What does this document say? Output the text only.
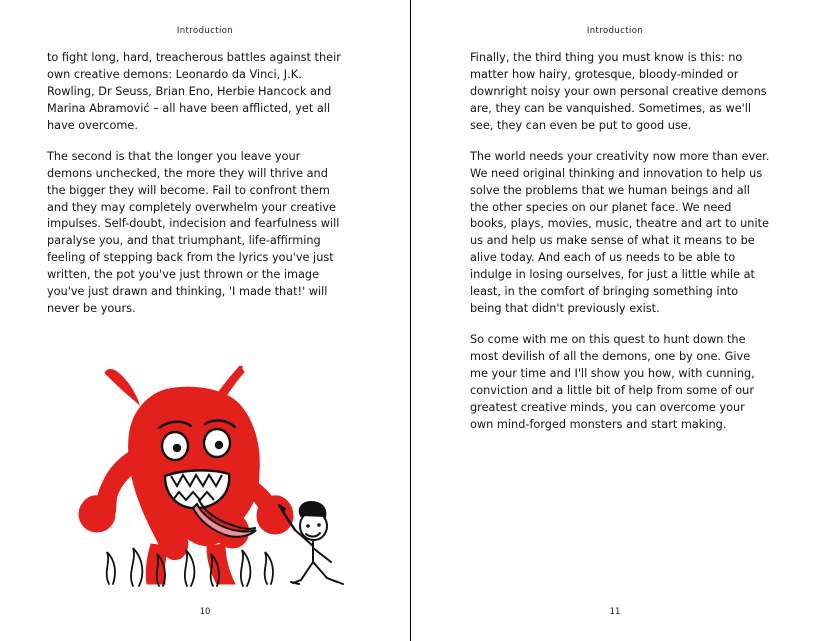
Introduction

to fight long, hard, treacherous battles against their own creative demons: Leonardo da Vinci, J.K. Rowling, Dr Seuss, Brian Eno, Herbie Hancock and Marina Abramović – all have been afflicted, yet all have overcome.

The second is that the longer you leave your demons unchecked, the more they will thrive and the bigger they will become. Fail to confront them and they may completely overwhelm your creative impulses. Self-doubt, indecision and fearfulness will paralyse you, and that triumphant, life-affirming feeling of stepping back from the lyrics you've just written, the pot you've just thrown or the image you've just drawn and thinking, 'I made that!' will never be yours.

10
Introduction

Finally, the third thing you must know is this: no matter how hairy, grotesque, bloody-minded or downright noisy your own personal creative demons are, they can be vanquished. Sometimes, as we'll see, they can even be put to good use.

The world needs your creativity now more than ever. We need original thinking and innovation to help us solve the problems that we human beings and all the other species on our planet face. We need books, plays, movies, music, theatre and art to unite us and help us make sense of what it means to be alive today. And each of us needs to be able to indulge in losing ourselves, for just a little while at least, in the comfort of bringing something into being that didn't previously exist.

So come with me on this quest to hunt down the most devilish of all the demons, one by one. Give me your time and I'll show you how, with cunning, conviction and a little bit of help from some of our greatest creative minds, you can overcome your own mind-forged monsters and start making.

11
